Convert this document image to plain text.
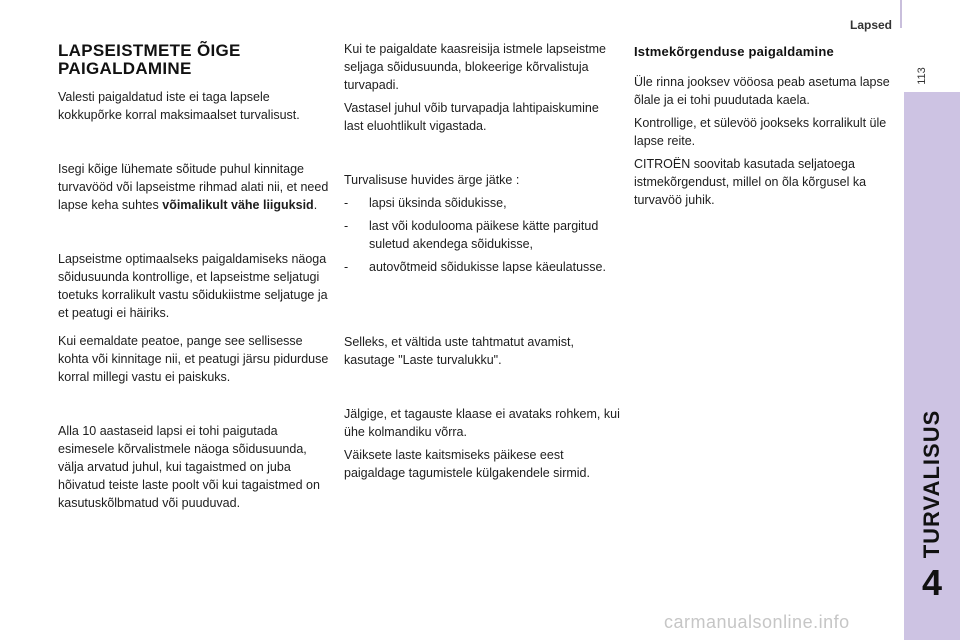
Lapsed
113
TURVALISUS
4
LAPSEISTMETE ÕIGE PAIGALDAMINE

Valesti paigaldatud iste ei taga lapsele kokkupõrke korral maksimaalset turvalisust.

Isegi kõige lühemate sõitude puhul kinnitage turvavööd või lapseistme rihmad alati nii, et need lapse keha suhtes võimalikult vähe liiguksid.

Lapseistme optimaalseks paigaldamiseks näoga sõidusuunda kontrollige, et lapseistme seljatugi toetuks korralikult vastu sõidukiistme seljatuge ja et peatugi ei häiriks.

Kui eemaldate peatoe, pange see sellisesse kohta või kinnitage nii, et peatugi järsu pidurduse korral millegi vastu ei paiskuks.

Alla 10 aastaseid lapsi ei tohi paigutada esimesele kõrvalistmele näoga sõidusuunda, välja arvatud juhul, kui tagaistmed on juba hõivatud teiste laste poolt või kui tagaistmed on kasutuskõlbmatud või puuduvad.

Kui te paigaldate kaasreisija istmele lapseistme seljaga sõidusuunda, blokeerige kõrvalistuja turvapadi.

Vastasel juhul võib turvapadja lahtipaiskumine last eluohtlikult vigastada.

Turvalisuse huvides ärge jätke :

- lapsi üksinda sõidukisse,
- last või kodulooma päikese kätte pargitud suletud akendega sõidukisse,
- autovõtmeid sõidukisse lapse käeulatusse.

Selleks, et vältida uste tahtmatut avamist, kasutage "Laste turvalukku".

Jälgige, et tagauste klaase ei avataks rohkem, kui ühe kolmandiku võrra.

Väiksete laste kaitsmiseks päikese eest paigaldage tagumistele külgakendele sirmid.

Istmekõrgenduse paigaldamine

Üle rinna jooksev vööosa peab asetuma lapse õlale ja ei tohi puudutada kaela.

Kontrollige, et sülevöö jookseks korralikult üle lapse reite.

CITROËN soovitab kasutada seljatoega istmekõrgendust, millel on õla kõrgusel ka turvavöö juhik.

carmanualsonline.info
